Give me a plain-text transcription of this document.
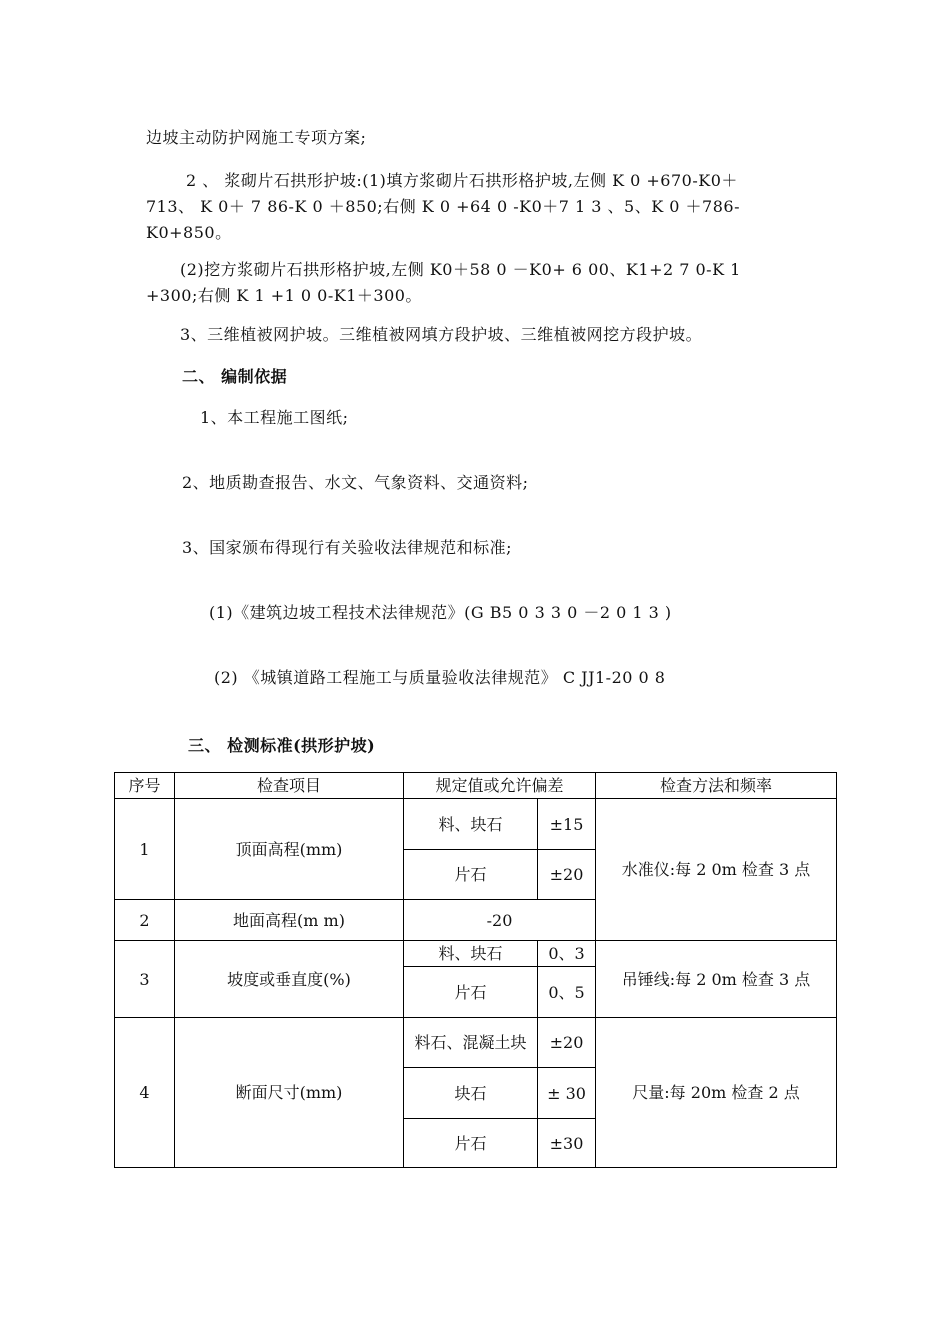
边坡主动防护网施工专项方案;
2 、 浆砌片石拱形护坡:(1)填方浆砌片石拱形格护坡,左侧 K 0 +670-K0＋
713、 K 0＋ 7 86-K 0 ＋850;右侧 K 0 +64 0 -K0＋7 1 3 、5、K 0 ＋786-
K0+850。
(2)挖方浆砌片石拱形格护坡,左侧 K0＋58 0 －K0+ 6 00、K1+2 7 0-K 1
+300;右侧 K 1 +1 0 0-K1＋300。
3、三维植被网护坡。三维植被网填方段护坡、三维植被网挖方段护坡。
二、 编制依据
1、本工程施工图纸;
2、地质勘查报告、水文、气象资料、交通资料;
3、国家颁布得现行有关验收法律规范和标准;
(1)《建筑边坡工程技术法律规范》(G B5 0 3 3 0 －2 0 1 3 )
(2) 《城镇道路工程施工与质量验收法律规范》 C JJ1-20 0 8
三、 检测标准(拱形护坡)
序号	检查项目	规定值或允许偏差		检查方法和频率
1	顶面高程(mm)	料、块石	±15	水准仪:每 2 0m 检查 3 点
		片石	±20	
2	地面高程(m m)	-20		
3	坡度或垂直度(%)	料、块石	0、3	吊锤线:每 2 0m 检查 3 点
		片石	0、5	
4	断面尺寸(mm)	料石、混凝土块	±20	尺量:每 20m 检查 2 点
		块石	± 30	
		片石	±30	
